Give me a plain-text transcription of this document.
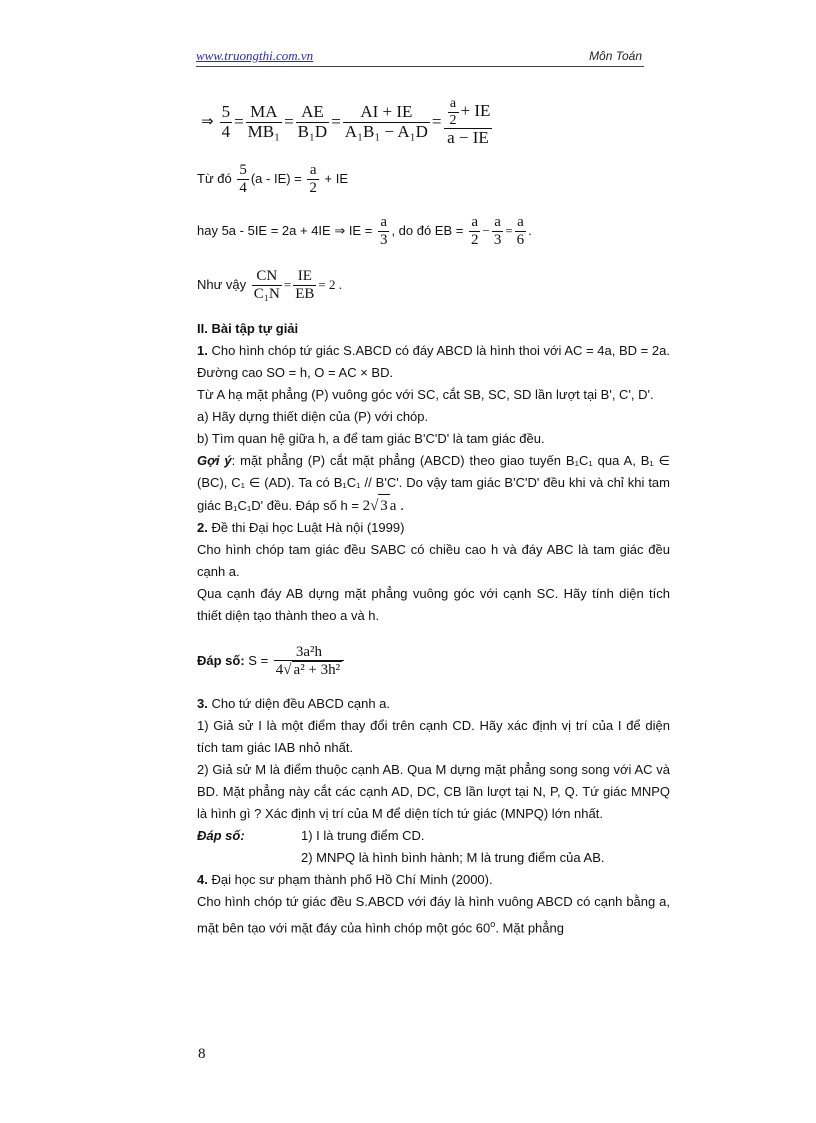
www.truongthi.com.vn	Môn Toán
⇒ $\frac{5}{4} = \frac{MA}{\text{MB₁}} = \frac{AE}{\text{B₁D}} = \frac{AI + IE}{\text{A₁B₁ − A₁D}} = \frac{\frac{a}{2} + IE}{a - IE}$
Từ đó
$\frac{5}{4} (a - IE)$ =
$\frac{a}{2}$
+ IE
hay 5a - 5IE = 2a + 4IE ⇒ IE =
$\frac{a}{3}$ , do đó EB =
$\frac{a}{2} - \frac{a}{3} = \frac{a}{6}$ .
Như vậy
$\frac{CN}{\text{C₁N}} = \frac{IE}{EB} = 2$ .

II. Bài tập tự giải

1. Cho hình chóp tứ giác S.ABCD có đáy ABCD là hình thoi với AC = 4a, BD = 2a. Đường cao SO = h, O = AC × BD.

Từ A hạ mặt phẳng (P) vuông góc với SC, cắt SB, SC, SD lần lượt tại B', C', D'.

a) Hãy dựng thiết diện của (P) với chóp.

b) Tìm quan hệ giữa h, a để tam giác B'C'D' là tam giác đều.

Gợi ý: mặt phẳng (P) cắt mặt phẳng (ABCD) theo giao tuyến B₁C₁ qua A, B₁ ∈ (BC), C₁ ∈ (AD). Ta có B₁C₁ // B'C'. Do vậy tam giác B'C'D' đều khi và chỉ khi tam giác B₁C₁D' đều. Đáp số h = 2√ 3 a .

2. Đề thi Đại học Luật Hà nội (1999)

Cho hình chóp tam giác đều SABC có chiều cao h và đáy ABC là tam giác đều cạnh a.

Qua cạnh đáy AB dựng mặt phẳng vuông góc với cạnh SC. Hãy tính diện tích thiết diện tạo thành theo a và h.

Đáp số:
S =
$\frac{\text{3a²h}}{\text{4√ a² + 3h²}}$

3. Cho tứ diện đều ABCD cạnh a.

1) Giả sử I là một điểm thay đổi trên cạnh CD. Hãy xác định vị trí của I để diện tích tam giác IAB nhỏ nhất.

2) Giả sử M là điểm thuộc cạnh AB. Qua M dựng mặt phẳng song song với AC và BD. Mặt phẳng này cắt các cạnh AD, DC, CB lần lượt tại N, P, Q. Tứ giác MNPQ là hình gì ? Xác định vị trí của M để diện tích tứ giác (MNPQ) lớn nhất.

Đáp số:	1) I là trung điểm CD.
2) MNPQ là hình bình hành; M là trung điểm của AB.

4. Đại học sư phạm thành phố Hồ Chí Minh (2000).

Cho hình chóp tứ giác đều S.ABCD với đáy là hình vuông ABCD có cạnh bằng a, mặt bên tạo với mặt đáy của hình chóp một góc 60$^o$. Mặt phẳng

8
